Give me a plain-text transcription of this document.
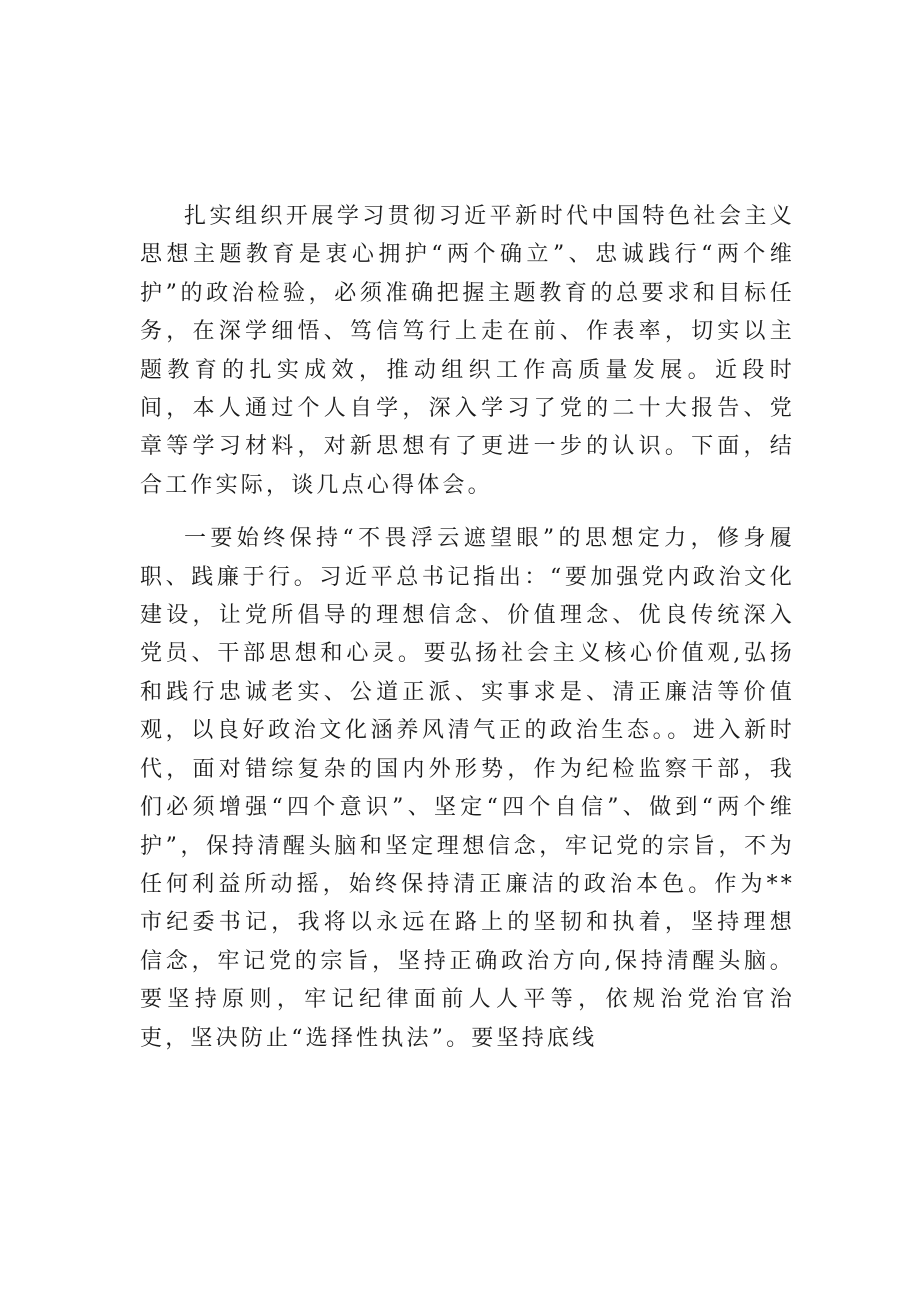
扎实组织开展学习贯彻习近平新时代中国特色社会主义思想主题教育是衷心拥护“两个确立”、忠诚践行“两个维护”的政治检验，必须准确把握主题教育的总要求和目标任务，在深学细悟、笃信笃行上走在前、作表率，切实以主题教育的扎实成效，推动组织工作高质量发展。近段时间，本人通过个人自学，深入学习了党的二十大报告、党章等学习材料，对新思想有了更进一步的认识。下面，结合工作实际，谈几点心得体会。

一要始终保持“不畏浮云遮望眼”的思想定力，修身履职、践廉于行。习近平总书记指出：“要加强党内政治文化建设，让党所倡导的理想信念、价值理念、优良传统深入党员、干部思想和心灵。要弘扬社会主义核心价值观,弘扬和践行忠诚老实、公道正派、实事求是、清正廉洁等价值观，以良好政治文化涵养风清气正的政治生态。。进入新时代，面对错综复杂的国内外形势，作为纪检监察干部，我们必须增强“四个意识”、坚定“四个自信”、做到“两个维护”，保持清醒头脑和坚定理想信念，牢记党的宗旨，不为任何利益所动摇，始终保持清正廉洁的政治本色。作为**市纪委书记，我将以永远在路上的坚韧和执着，坚持理想信念，牢记党的宗旨，坚持正确政治方向,保持清醒头脑。要坚持原则，牢记纪律面前人人平等，依规治党治官治吏，坚决防止“选择性执法”。要坚持底线
